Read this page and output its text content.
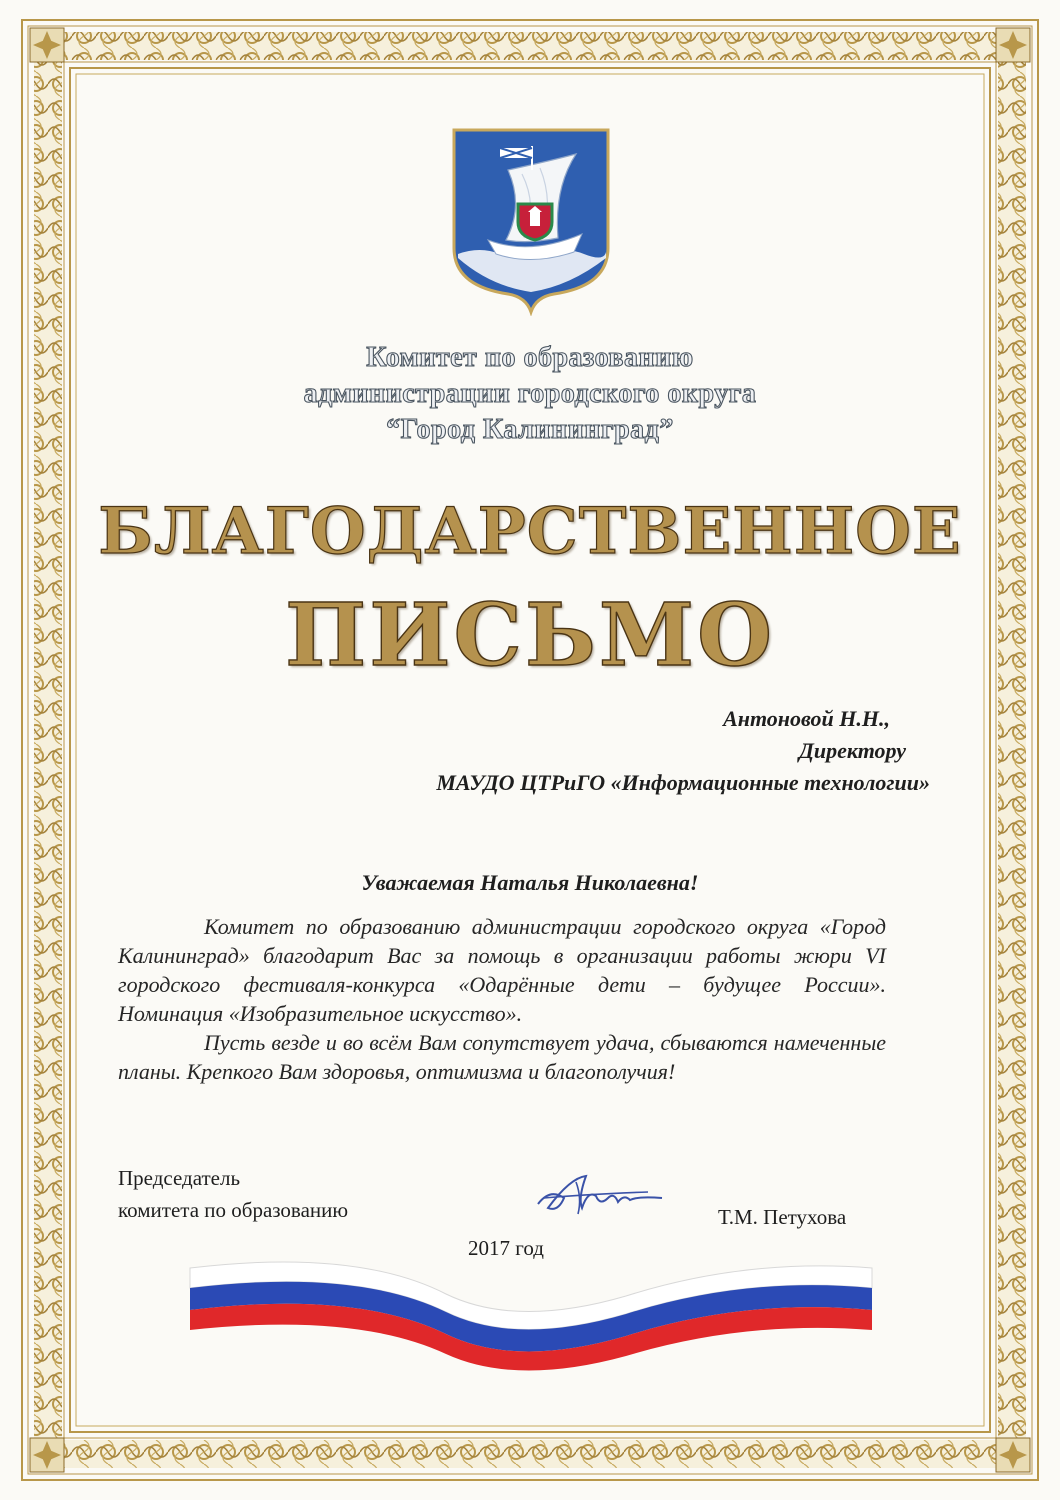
Комитет по образованию
администрации городского округа
“Город Калининград”
БЛАГОДАРСТВЕННОЕ
ПИСЬМО
Антоновой Н.Н.,
Директору
МАУДО ЦТРиГО «Информационные технологии»
Уважаемая Наталья Николаевна!

Комитет по образованию администрации городского округа «Город Калининград» благодарит Вас за помощь в организации работы жюри VI городского фестиваля-конкурса «Одарённые дети – будущее России». Номинация «Изобразительное искусство».

Пусть везде и во всём Вам сопутствует удача, сбываются намеченные планы. Крепкого Вам здоровья, оптимизма и благополучия!

Председатель
комитета по образованию	Т.М. Петухова
2017 год
